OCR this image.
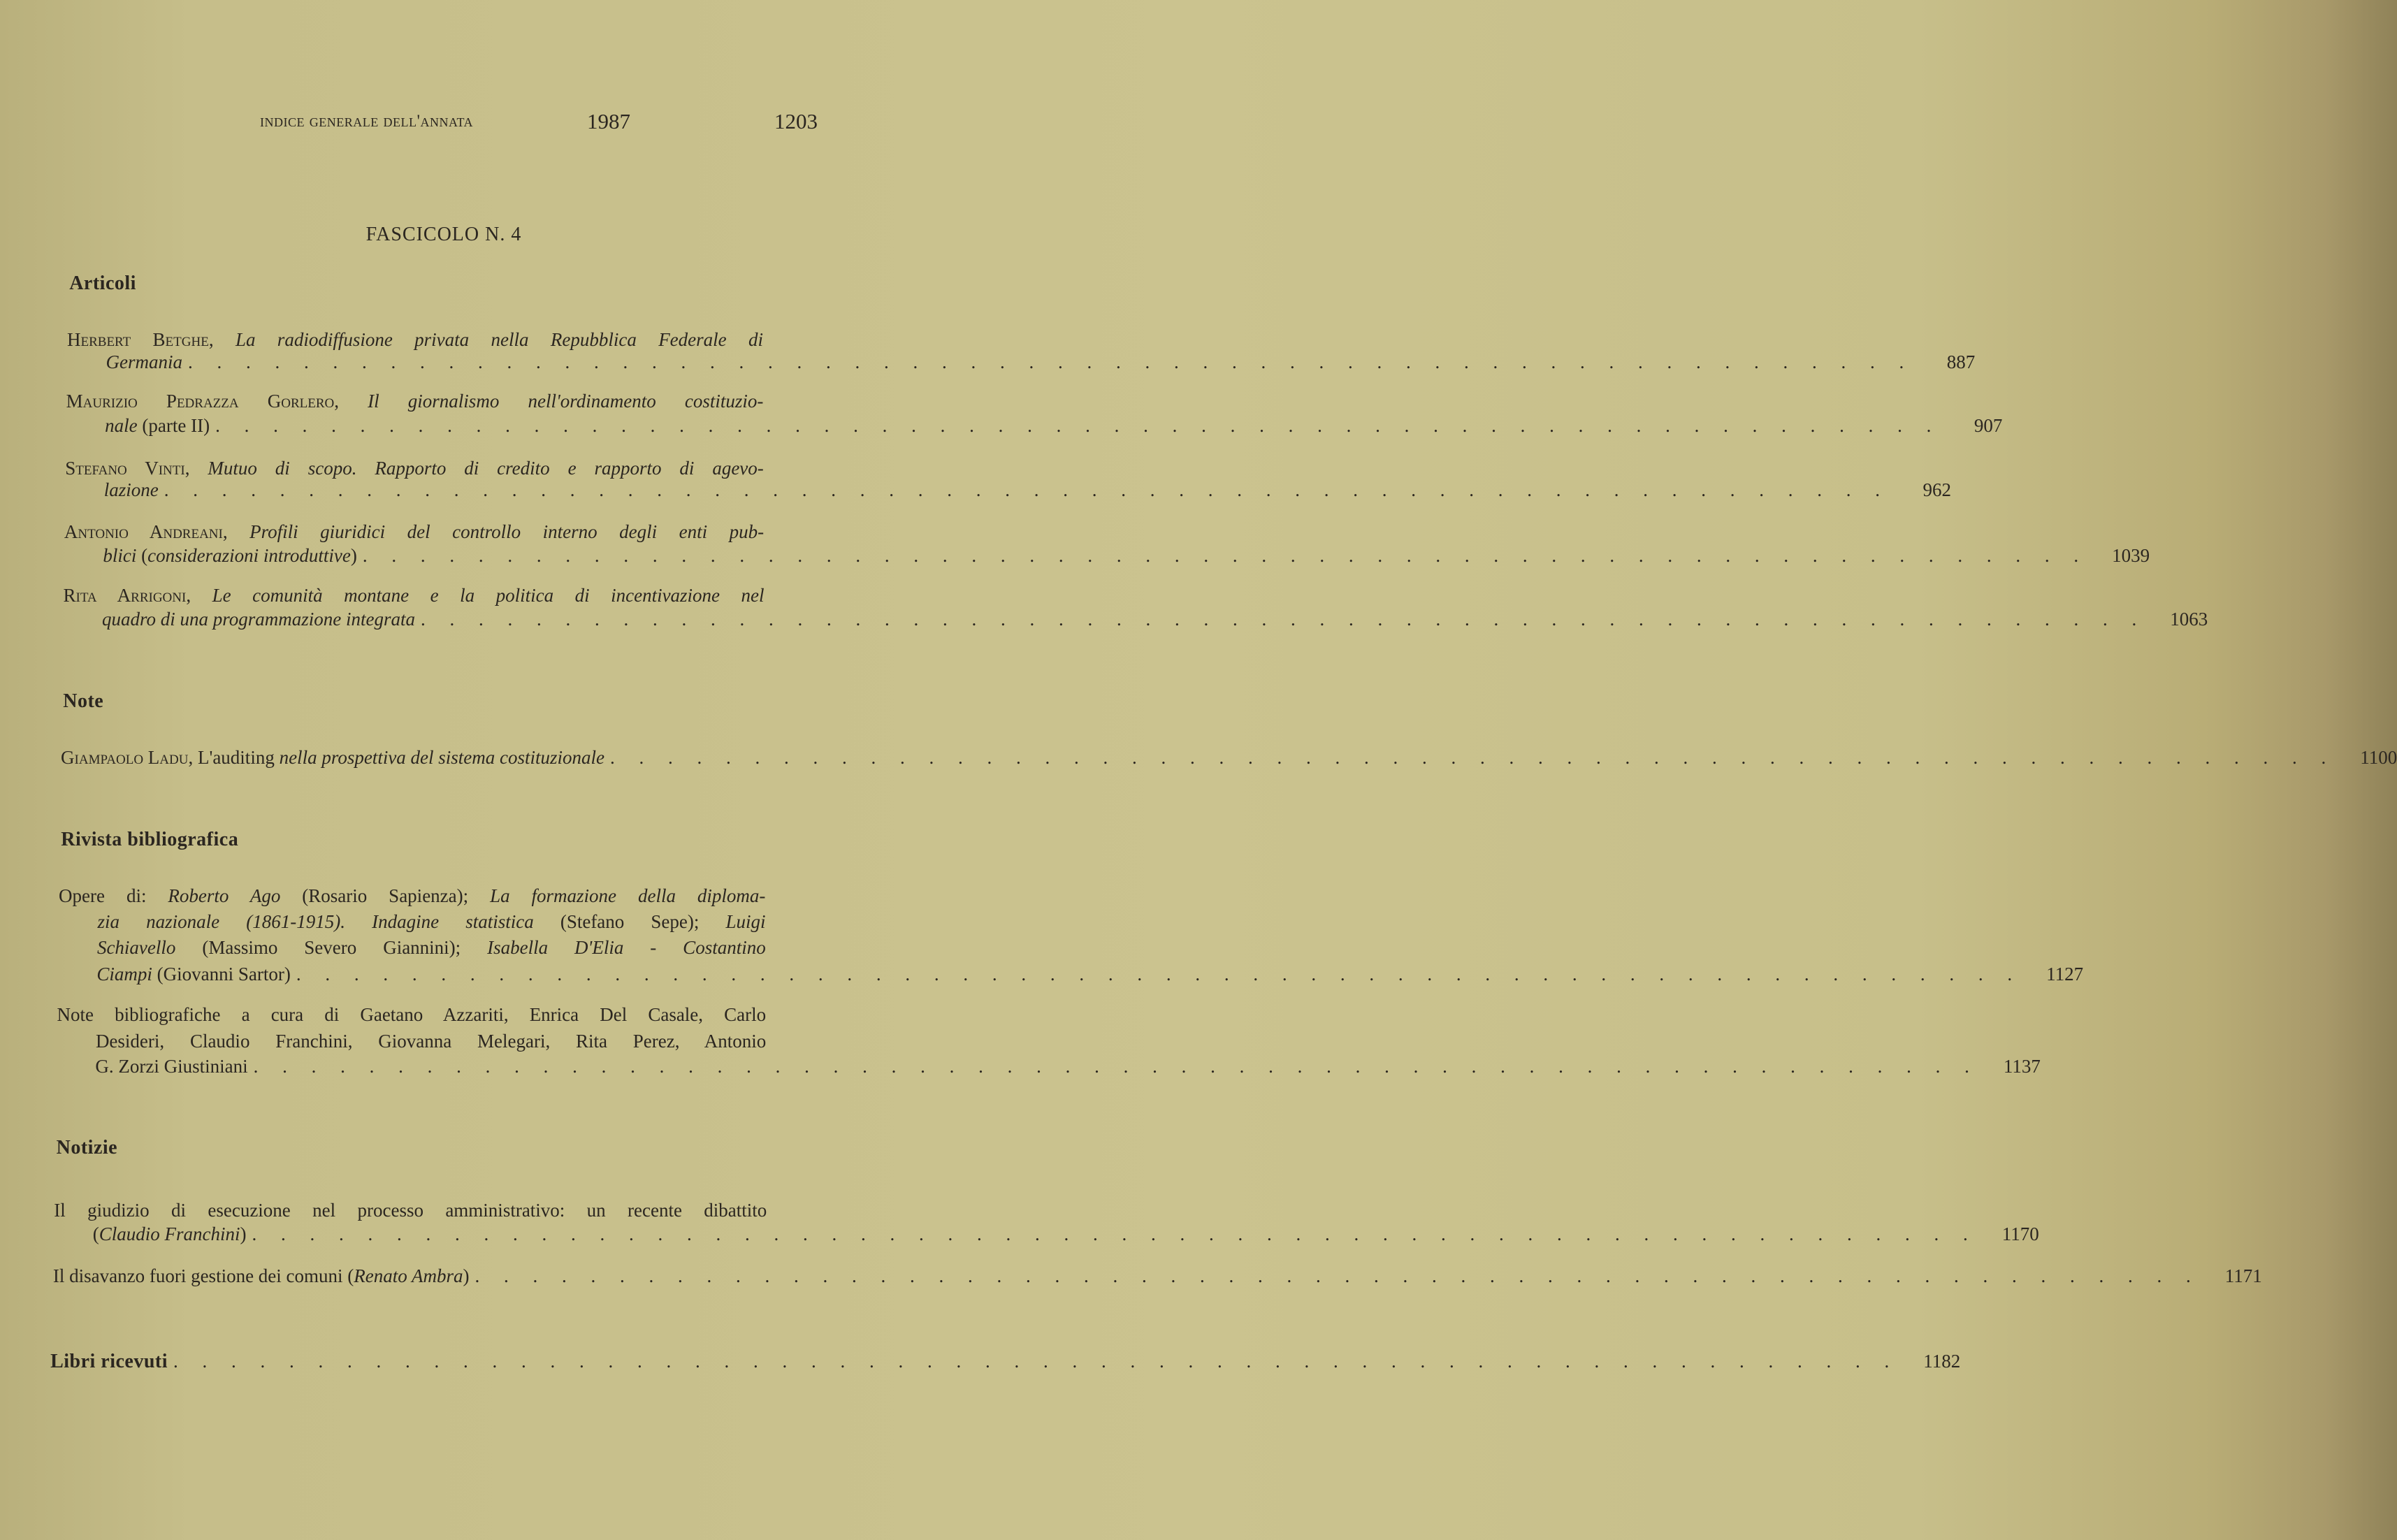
indice generale dell'annata	1987	1203
FASCICOLO N. 4
Articoli
Herbert Betghe, La radiodiffusione privata nella Repubblica Federale di
Germania . . . . . . . . . . . . . . . . . . . . . . . . . . . . . . . . . . . . . . . . . . . . . . . . . . . . . . . . . . . .	887
Maurizio Pedrazza Gorlero, Il giornalismo nell'ordinamento costituzio-
nale (parte II) . . . . . . . . . . . . . . . . . . . . . . . . . . . . . . . . . . . . . . . . . . . . . . . . . . . . . . . . . . . .	907
Stefano Vinti, Mutuo di scopo. Rapporto di credito e rapporto di agevo-
lazione . . . . . . . . . . . . . . . . . . . . . . . . . . . . . . . . . . . . . . . . . . . . . . . . . . . . . . . . . . . .	962
Antonio Andreani, Profili giuridici del controllo interno degli enti pub-
blici (considerazioni introduttive) . . . . . . . . . . . . . . . . . . . . . . . . . . . . . . . . . . . . . . . . . . . . . . . . . . . . . . . . . . . .	1039
Rita Arrigoni, Le comunità montane e la politica di incentivazione nel
quadro di una programmazione integrata . . . . . . . . . . . . . . . . . . . . . . . . . . . . . . . . . . . . . . . . . . . . . . . . . . . . . . . . . . . .	1063
Note
Giampaolo Ladu, L'auditing nella prospettiva del sistema costituzionale . . . . . . . . . . . . . . . . . . . . . . . . . . . . . . . . . . . . . . . . . . . . . . . . . . . . . . . . . . . .	1100
Rivista bibliografica
Opere di: Roberto Ago (Rosario Sapienza); La formazione della diploma-
zia nazionale (1861-1915). Indagine statistica (Stefano Sepe); Luigi
Schiavello (Massimo Severo Giannini); Isabella D'Elia - Costantino
Ciampi (Giovanni Sartor) . . . . . . . . . . . . . . . . . . . . . . . . . . . . . . . . . . . . . . . . . . . . . . . . . . . . . . . . . . . .	1127
Note bibliografiche a cura di Gaetano Azzariti, Enrica Del Casale, Carlo
Desideri, Claudio Franchini, Giovanna Melegari, Rita Perez, Antonio
G. Zorzi Giustiniani . . . . . . . . . . . . . . . . . . . . . . . . . . . . . . . . . . . . . . . . . . . . . . . . . . . . . . . . . . . .	1137
Notizie
Il giudizio di esecuzione nel processo amministrativo: un recente dibattito
(Claudio Franchini) . . . . . . . . . . . . . . . . . . . . . . . . . . . . . . . . . . . . . . . . . . . . . . . . . . . . . . . . . . . .	1170
Il disavanzo fuori gestione dei comuni (Renato Ambra) . . . . . . . . . . . . . . . . . . . . . . . . . . . . . . . . . . . . . . . . . . . . . . . . . . . . . . . . . . . .	1171
Libri ricevuti . . . . . . . . . . . . . . . . . . . . . . . . . . . . . . . . . . . . . . . . . . . . . . . . . . . . . . . . . . . .	1182
